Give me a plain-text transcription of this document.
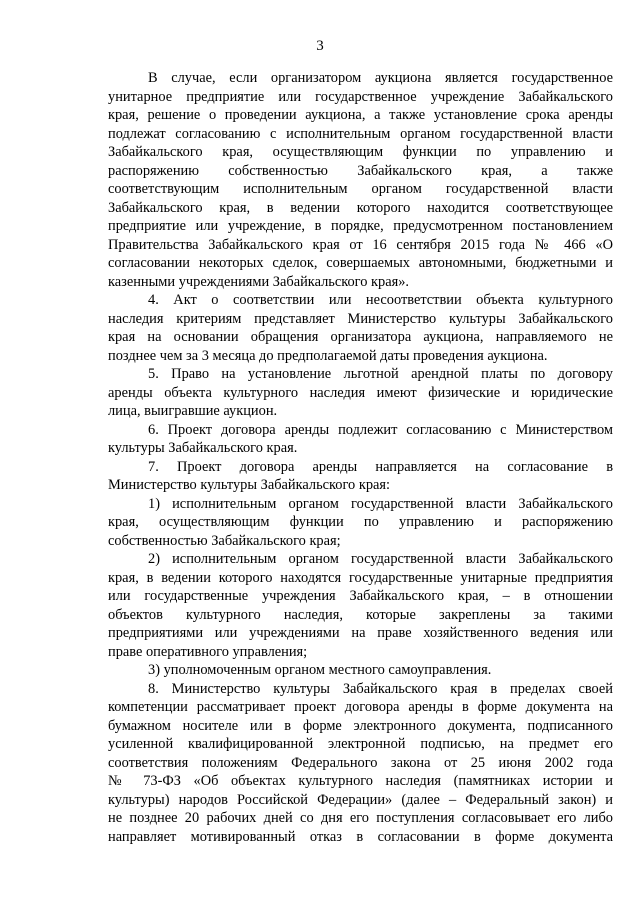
3
В случае, если организатором аукциона является государственное
унитарное предприятие или государственное учреждение Забайкальского
края, решение о проведении аукциона, а также установление срока аренды
подлежат согласованию с исполнительным органом государственной власти
Забайкальского края, осуществляющим функции по управлению и
распоряжению собственностью Забайкальского края, а также
соответствующим исполнительным органом государственной власти
Забайкальского края, в ведении которого находится соответствующее
предприятие или учреждение, в порядке, предусмотренном постановлением
Правительства Забайкальского края от 16 сентября 2015 года № 466 «О
согласовании некоторых сделок, совершаемых автономными, бюджетными и
казенными учреждениями Забайкальского края».
4. Акт о соответствии или несоответствии объекта культурного
наследия критериям представляет Министерство культуры Забайкальского
края на основании обращения организатора аукциона, направляемого не
позднее чем за 3 месяца до предполагаемой даты проведения аукциона.
5. Право на установление льготной арендной платы по договору
аренды объекта культурного наследия имеют физические и юридические
лица, выигравшие аукцион.
6. Проект договора аренды подлежит согласованию с Министерством
культуры Забайкальского края.
7. Проект договора аренды направляется на согласование в
Министерство культуры Забайкальского края:
1) исполнительным органом государственной власти Забайкальского
края, осуществляющим функции по управлению и распоряжению
собственностью Забайкальского края;
2) исполнительным органом государственной власти Забайкальского
края, в ведении которого находятся государственные унитарные предприятия
или государственные учреждения Забайкальского края, – в отношении
объектов культурного наследия, которые закреплены за такими
предприятиями или учреждениями на праве хозяйственного ведения или
праве оперативного управления;
3) уполномоченным органом местного самоуправления.
8. Министерство культуры Забайкальского края в пределах своей
компетенции рассматривает проект договора аренды в форме документа на
бумажном носителе или в форме электронного документа, подписанного
усиленной квалифицированной электронной подписью, на предмет его
соответствия положениям Федерального закона от 25 июня 2002 года
№ 73-ФЗ «Об объектах культурного наследия (памятниках истории и
культуры) народов Российской Федерации» (далее – Федеральный закон) и
не позднее 20 рабочих дней со дня его поступления согласовывает его либо
направляет мотивированный отказ в согласовании в форме документа
